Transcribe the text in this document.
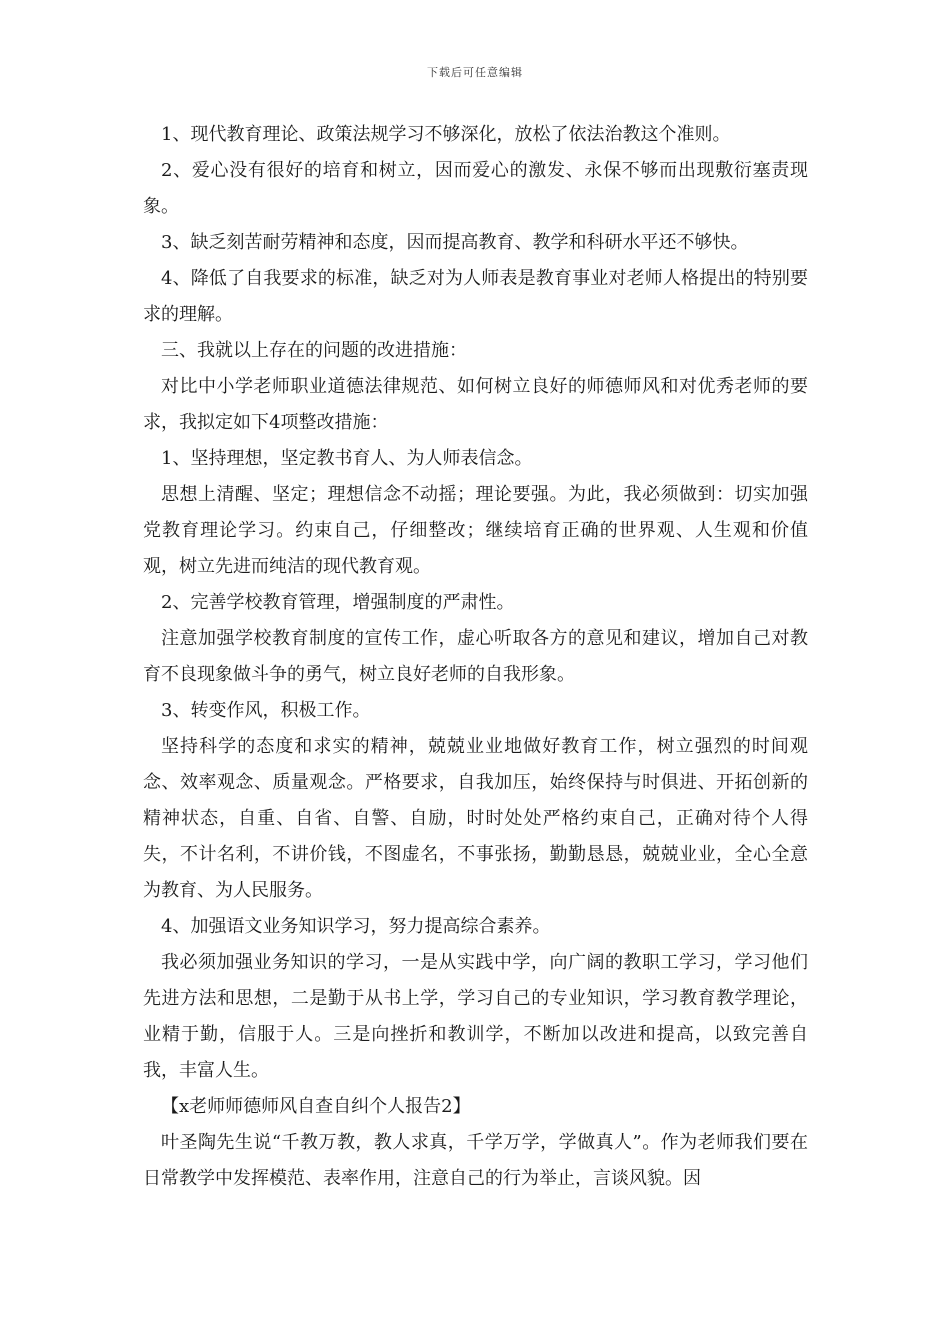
下载后可任意编辑

1、现代教育理论、政策法规学习不够深化，放松了依法治教这个准则。

2、爱心没有很好的培育和树立，因而爱心的激发、永保不够而出现敷衍塞责现象。

3、缺乏刻苦耐劳精神和态度，因而提高教育、教学和科研水平还不够快。

4、降低了自我要求的标准，缺乏对为人师表是教育事业对老师人格提出的特别要求的理解。

三、我就以上存在的问题的改进措施：

对比中小学老师职业道德法律规范、如何树立良好的师德师风和对优秀老师的要求，我拟定如下4项整改措施：

1、坚持理想，坚定教书育人、为人师表信念。

思想上清醒、坚定；理想信念不动摇；理论要强。为此，我必须做到：切实加强党教育理论学习。约束自己，仔细整改；继续培育正确的世界观、人生观和价值观，树立先进而纯洁的现代教育观。

2、完善学校教育管理，增强制度的严肃性。

注意加强学校教育制度的宣传工作，虚心听取各方的意见和建议，增加自己对教育不良现象做斗争的勇气，树立良好老师的自我形象。

3、转变作风，积极工作。

坚持科学的态度和求实的精神，兢兢业业地做好教育工作，树立强烈的时间观念、效率观念、质量观念。严格要求，自我加压，始终保持与时俱进、开拓创新的精神状态，自重、自省、自警、自励，时时处处严格约束自己，正确对待个人得失，不计名利，不讲价钱，不图虚名，不事张扬，勤勤恳恳，兢兢业业，全心全意为教育、为人民服务。

4、加强语文业务知识学习，努力提高综合素养。

我必须加强业务知识的学习，一是从实践中学，向广阔的教职工学习，学习他们先进方法和思想，二是勤于从书上学，学习自己的专业知识，学习教育教学理论，业精于勤，信服于人。三是向挫折和教训学，不断加以改进和提高，以致完善自我，丰富人生。

【x老师师德师风自查自纠个人报告2】

叶圣陶先生说“千教万教，教人求真，千学万学，学做真人”。作为老师我们要在日常教学中发挥模范、表率作用，注意自己的行为举止，言谈风貌。因
